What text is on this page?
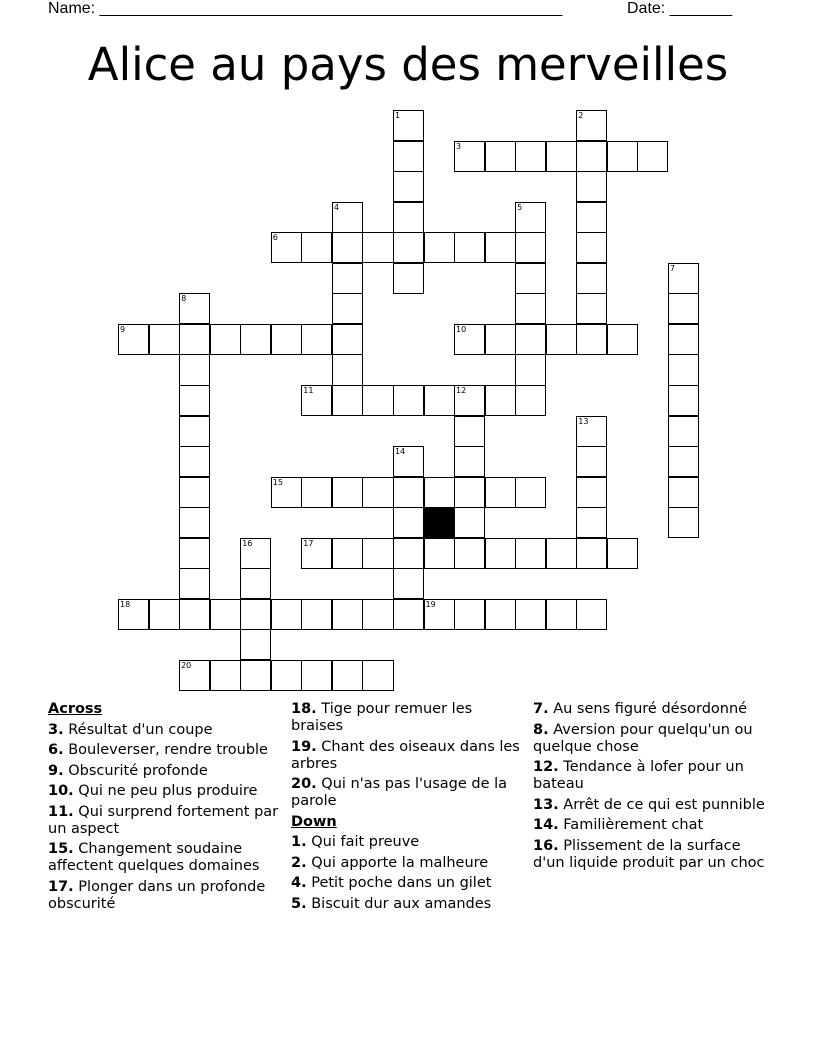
Name: ____________________________________________________	Date: _______
Alice au pays des merveilles
1	2
3
4	5
6
7
8
9	10
11	12
13
14
15
16	17
18	19
20
Across
3. Résultat d'un coupe
6. Bouleverser, rendre trouble
9. Obscurité profonde
10. Qui ne peu plus produire
11. Qui surprend fortement par un aspect
15. Changement soudaine affectent quelques domaines
17. Plonger dans un profonde obscurité
18. Tige pour remuer les braises
19. Chant des oiseaux dans les arbres
20. Qui n'as pas l'usage de la parole
Down
1. Qui fait preuve
2. Qui apporte la malheure
4. Petit poche dans un gilet
5. Biscuit dur aux amandes
7. Au sens figuré désordonné
8. Aversion pour quelqu'un ou quelque chose
12. Tendance à lofer pour un bateau
13. Arrêt de ce qui est punnible
14. Familièrement chat
16. Plissement de la surface d'un liquide produit par un choc
